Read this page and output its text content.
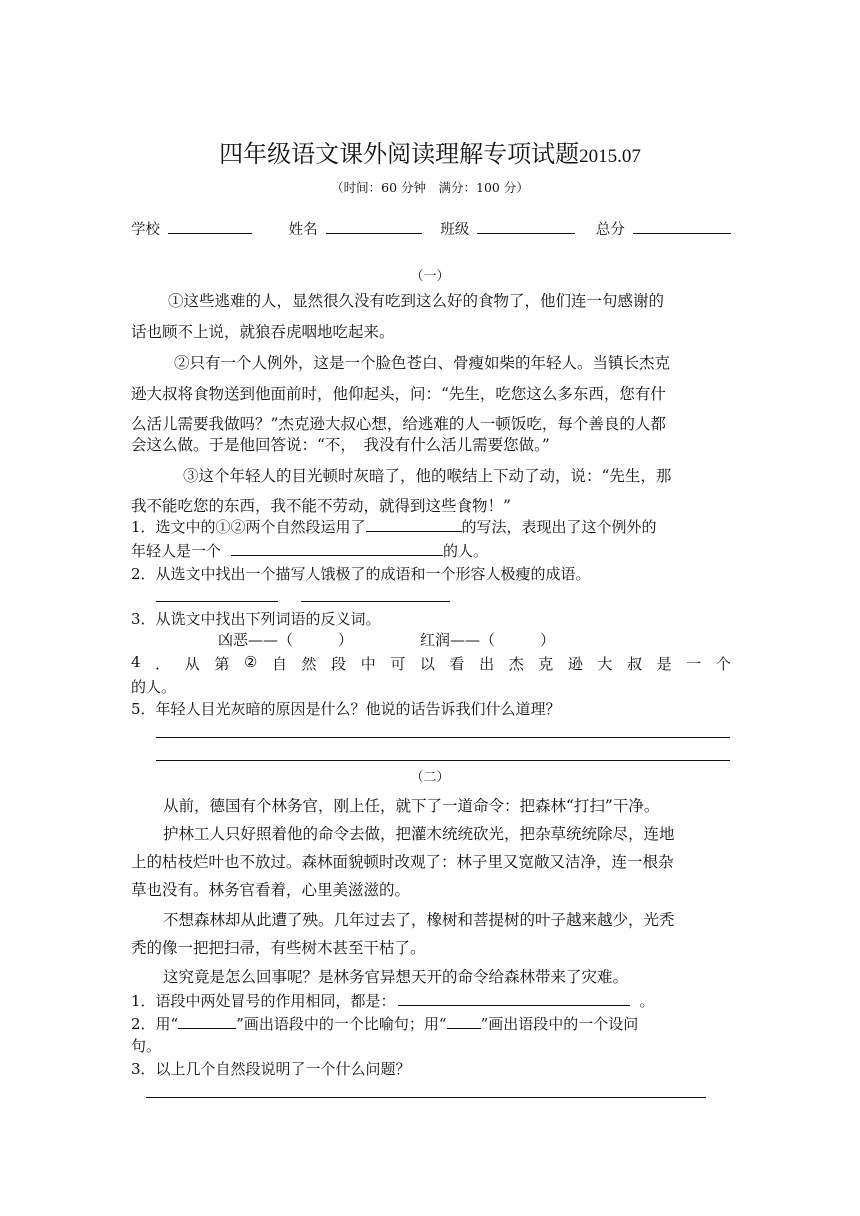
四年级语文课外阅读理解专项试题2015.07
（时间：60 分钟　满分：100 分）
学校	姓名	班级	总分
（一）
①这些逃难的人，显然很久没有吃到这么好的食物了，他们连一句感谢的
话也顾不上说，就狼吞虎咽地吃起来。
②只有一个人例外，这是一个脸色苍白、骨瘦如柴的年轻人。当镇长杰克
逊大叔将食物送到他面前时，他仰起头，问：“先生，吃您这么多东西，您有什
么活儿需要我做吗？”杰克逊大叔心想，给逃难的人一顿饭吃，每个善良的人都
会这么做。于是他回答说：“不，　我没有什么活儿需要您做。”
③这个年轻人的目光顿时灰暗了，他的喉结上下动了动，说：“先生，那
我不能吃您的东西，我不能不劳动，就得到这些食物！”
1．选文中的①②两个自然段运用了	的写法，表现出了这个例外的
年轻人是一个	的人。
2．从选文中找出一个描写人饿极了的成语和一个形容人极瘦的成语。
3．从诜文中找出下列词语的反义词。
凶恶——（　　　）	红润——（　　　）
4 ． 从 第 ② 自 然 段 中 可 以 看 出 杰 克 逊 大 叔 是 一 个
的人。
5．年轻人目光灰暗的原因是什么？他说的话告诉我们什么道理？
（二）
从前，德国有个林务官，刚上任，就下了一道命令：把森林“打扫”干净。
护林工人只好照着他的命令去做，把灌木统统砍光，把杂草统统除尽，连地
上的枯枝烂叶也不放过。森林面貌顿时改观了：林子里又宽敞又洁净，连一根杂
草也没有。林务官看着，心里美滋滋的。
不想森林却从此遭了殃。几年过去了，橡树和菩提树的叶子越来越少，光秃
秃的像一把把扫帚，有些树木甚至干枯了。
这究竟是怎么回事呢？是林务官异想天开的命令给森林带来了灾难。
1．语段中两处冒号的作用相同，都是：	。
2．用“	”画出语段中的一个比喻句；用“ ”画出语段中的一个设问
句。
3．以上几个自然段说明了一个什么问题？
